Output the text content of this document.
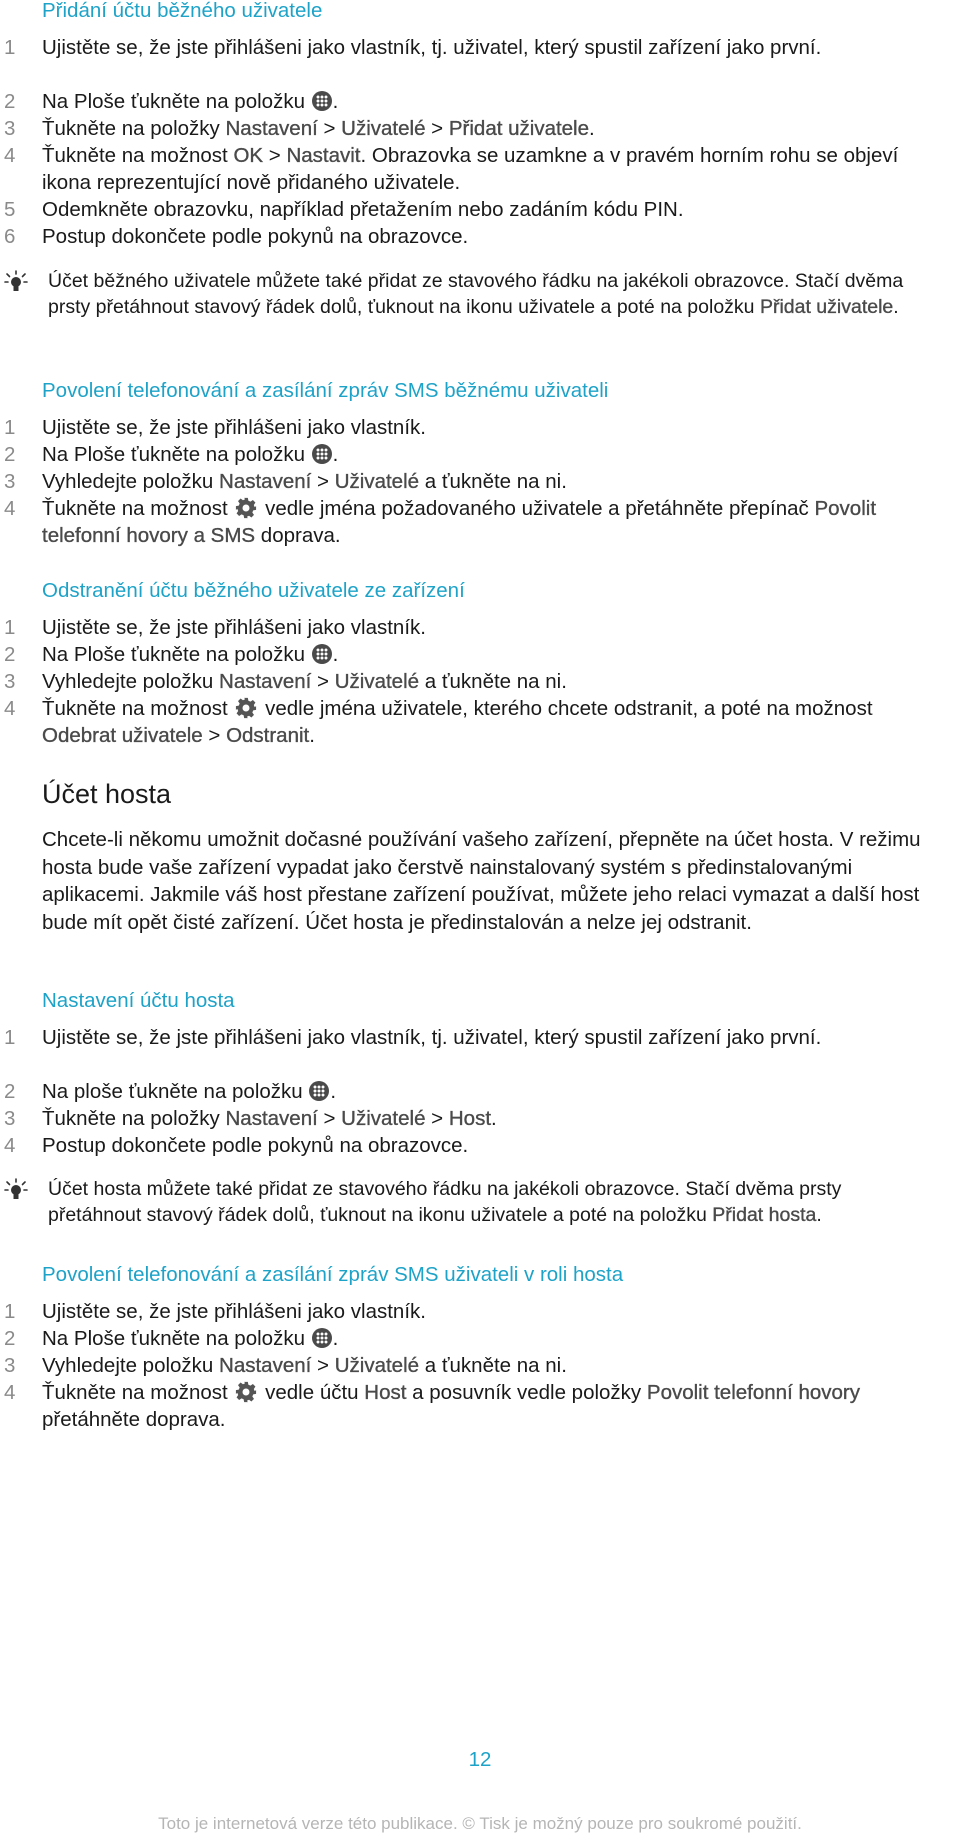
Přidání účtu běžného uživatele
1	Ujistěte se, že jste přihlášeni jako vlastník, tj. uživatel, který spustil zařízení jako první.
2	Na Ploše ťukněte na položku .
3	Ťukněte na položky Nastavení > Uživatelé > Přidat uživatele.
4	Ťukněte na možnost OK > Nastavit. Obrazovka se uzamkne a v pravém horním rohu se objeví ikona reprezentující nově přidaného uživatele.
5	Odemkněte obrazovku, například přetažením nebo zadáním kódu PIN.
6	Postup dokončete podle pokynů na obrazovce.
Účet běžného uživatele můžete také přidat ze stavového řádku na jakékoli obrazovce. Stačí dvěma prsty přetáhnout stavový řádek dolů, ťuknout na ikonu uživatele a poté na položku Přidat uživatele.
Povolení telefonování a zasílání zpráv SMS běžnému uživateli
1	Ujistěte se, že jste přihlášeni jako vlastník.
2	Na Ploše ťukněte na položku .
3	Vyhledejte položku Nastavení > Uživatelé a ťukněte na ni.
4	Ťukněte na možnost  vedle jména požadovaného uživatele a přetáhněte přepínač Povolit telefonní hovory a SMS doprava.
Odstranění účtu běžného uživatele ze zařízení
1	Ujistěte se, že jste přihlášeni jako vlastník.
2	Na Ploše ťukněte na položku .
3	Vyhledejte položku Nastavení > Uživatelé a ťukněte na ni.
4	Ťukněte na možnost  vedle jména uživatele, kterého chcete odstranit, a poté na možnost Odebrat uživatele > Odstranit.
Účet hosta
Chcete-li někomu umožnit dočasné používání vašeho zařízení, přepněte na účet hosta. V režimu hosta bude vaše zařízení vypadat jako čerstvě nainstalovaný systém s předinstalovanými aplikacemi. Jakmile váš host přestane zařízení používat, můžete jeho relaci vymazat a další host bude mít opět čisté zařízení. Účet hosta je předinstalován a nelze jej odstranit.
Nastavení účtu hosta
1	Ujistěte se, že jste přihlášeni jako vlastník, tj. uživatel, který spustil zařízení jako první.
2	Na ploše ťukněte na položku .
3	Ťukněte na položky Nastavení > Uživatelé > Host.
4	Postup dokončete podle pokynů na obrazovce.
Účet hosta můžete také přidat ze stavového řádku na jakékoli obrazovce. Stačí dvěma prsty přetáhnout stavový řádek dolů, ťuknout na ikonu uživatele a poté na položku Přidat hosta.
Povolení telefonování a zasílání zpráv SMS uživateli v roli hosta
1	Ujistěte se, že jste přihlášeni jako vlastník.
2	Na Ploše ťukněte na položku .
3	Vyhledejte položku Nastavení > Uživatelé a ťukněte na ni.
4	Ťukněte na možnost  vedle účtu Host a posuvník vedle položky Povolit telefonní hovory přetáhněte doprava.
12
Toto je internetová verze této publikace. © Tisk je možný pouze pro soukromé použití.
